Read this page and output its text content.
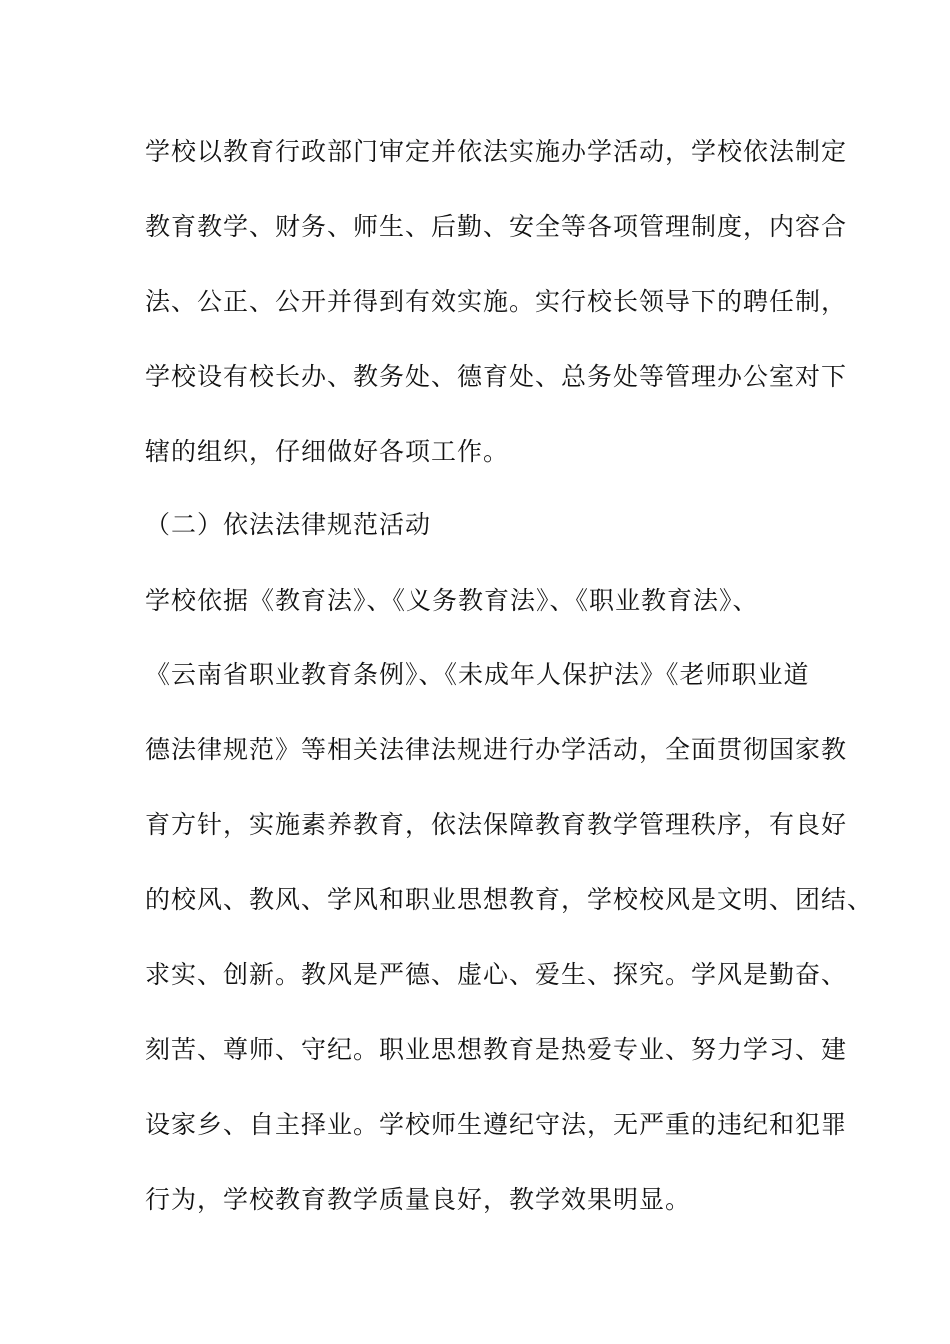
学校以教育行政部门审定并依法实施办学活动，学校依法制定
教育教学、财务、师生、后勤、安全等各项管理制度，内容合
法、公正、公开并得到有效实施。实行校长领导下的聘任制，
学校设有校长办、教务处、德育处、总务处等管理办公室对下
辖的组织，仔细做好各项工作。
（二）依法法律规范活动
学校依据《教育法》、《义务教育法》、《职业教育法》、
《云南省职业教育条例》、《未成年人保护法》《老师职业道
德法律规范》等相关法律法规进行办学活动，全面贯彻国家教
育方针，实施素养教育，依法保障教育教学管理秩序，有良好
的校风、教风、学风和职业思想教育，学校校风是文明、团结、
求实、创新。教风是严德、虚心、爱生、探究。学风是勤奋、
刻苦、尊师、守纪。职业思想教育是热爱专业、努力学习、建
设家乡、自主择业。学校师生遵纪守法，无严重的违纪和犯罪
行为，学校教育教学质量良好，教学效果明显。
